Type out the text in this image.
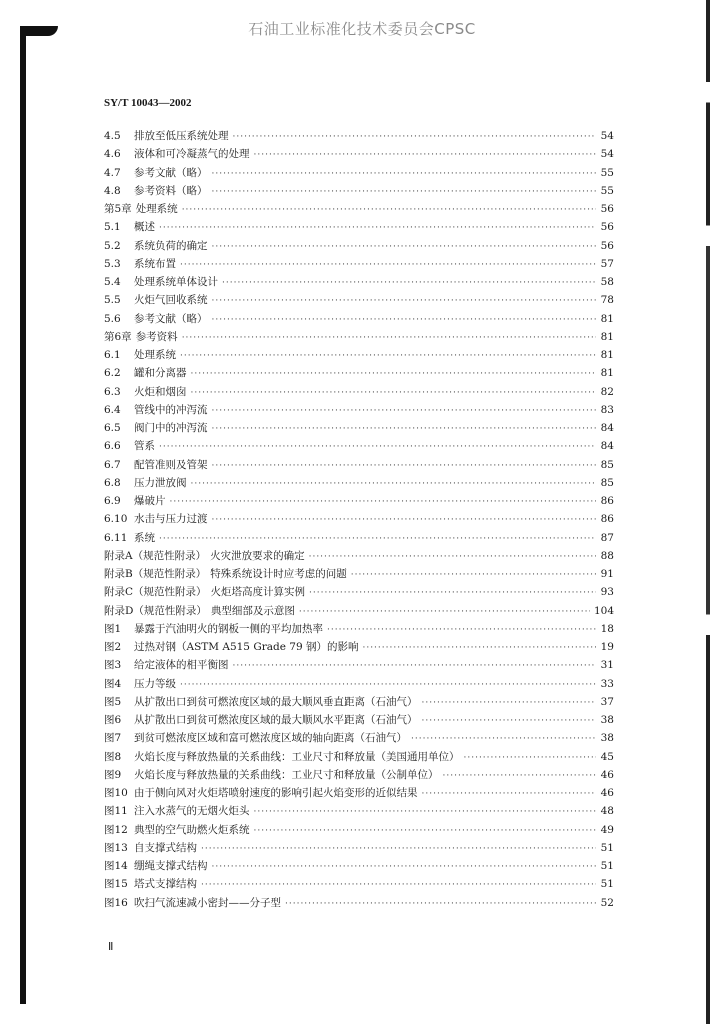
石油工业标准化技术委员会CPSC
SY/T 10043—2002
4.5	排放至低压系统处理 ·····	54
4.6	液体和可冷凝蒸气的处理 ·····	54
4.7	参考文献（略） ·····	55
4.8	参考资料（略） ·····	55
第5章 处理系统 ·····	56
5.1	概述 ·····	56
5.2	系统负荷的确定 ·····	56
5.3	系统布置 ·····	57
5.4	处理系统单体设计 ·····	58
5.5	火炬气回收系统 ·····	78
5.6	参考文献（略） ·····	81
第6章 参考资料 ·····	81
6.1	处理系统 ·····	81
6.2	罐和分离器 ·····	81
6.3	火炬和烟囱 ·····	82
6.4	管线中的冲泻流 ·····	83
6.5	阀门中的冲泻流 ·····	84
6.6	管系 ·····	84
6.7	配管准则及管架 ·····	85
6.8	压力泄放阀 ·····	85
6.9	爆破片 ·····	86
6.10 水击与压力过渡 ·····	86
6.11 系统 ·····	87
附录A（规范性附录） 火灾泄放要求的确定 ·····	88
附录B（规范性附录） 特殊系统设计时应考虑的问题 ·····	91
附录C（规范性附录） 火炬塔高度计算实例 ·····	93
附录D（规范性附录） 典型细部及示意图 ·····	104
图1	暴露于汽油明火的钢板一侧的平均加热率 ·····	18
图2	过热对钢（ASTM A515 Grade 79 钢）的影响 ·····	19
图3	给定液体的相平衡图 ·····	31
图4	压力等级 ·····	33
图5	从扩散出口到贫可燃浓度区域的最大顺风垂直距离（石油气） ·····	37
图6	从扩散出口到贫可燃浓度区域的最大顺风水平距离（石油气） ·····	38
图7	到贫可燃浓度区域和富可燃浓度区域的轴向距离（石油气） ·····	38
图8	火焰长度与释放热量的关系曲线：工业尺寸和释放量（美国通用单位） ·····	45
图9	火焰长度与释放热量的关系曲线：工业尺寸和释放量（公制单位） ·····	46
图10 由于侧向风对火炬塔喷射速度的影响引起火焰变形的近似结果 ·····	46
图11 注入水蒸气的无烟火炬头 ·····	48
图12 典型的空气助燃火炬系统 ·····	49
图13 自支撑式结构 ·····	51
图14 绷绳支撑式结构 ·····	51
图15 塔式支撑结构 ·····	51
图16 吹扫气流速减小密封——分子型 ·····	52
Ⅱ
